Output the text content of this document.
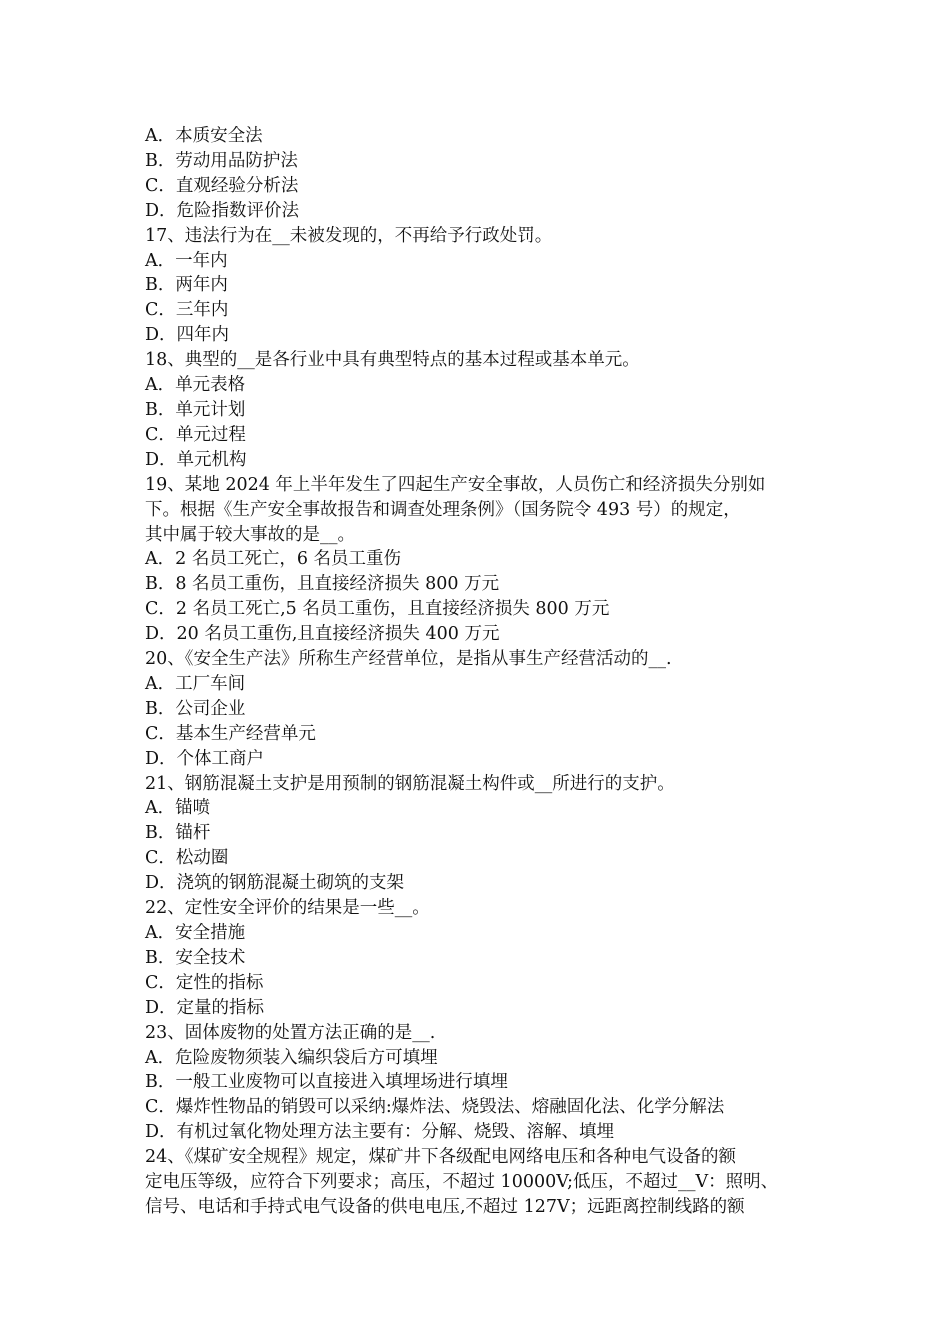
A．本质安全法

B．劳动用品防护法

C．直观经验分析法

D．危险指数评价法

17、违法行为在__未被发现的，不再给予行政处罚。

A．一年内

B．两年内

C．三年内

D．四年内

18、典型的__是各行业中具有典型特点的基本过程或基本单元。

A．单元表格

B．单元计划

C．单元过程

D．单元机构

19、某地 2024 年上半年发生了四起生产安全事故，人员伤亡和经济损失分别如

下。根据《生产安全事故报告和调查处理条例》（国务院令 493 号）的规定，

其中属于较大事故的是__。

A．2 名员工死亡，6 名员工重伤

B．8 名员工重伤，且直接经济损失 800 万元

C．2 名员工死亡,5 名员工重伤，且直接经济损失 800 万元

D．20 名员工重伤,且直接经济损失 400 万元

20、《安全生产法》所称生产经营单位，是指从事生产经营活动的__.

A．工厂车间

B．公司企业

C．基本生产经营单元

D．个体工商户

21、钢筋混凝土支护是用预制的钢筋混凝土构件或__所进行的支护。

A．锚喷

B．锚杆

C．松动圈

D．浇筑的钢筋混凝土砌筑的支架

22、定性安全评价的结果是一些__。

A．安全措施

B．安全技术

C．定性的指标

D．定量的指标

23、固体废物的处置方法正确的是__.

A．危险废物须装入编织袋后方可填埋

B．一般工业废物可以直接进入填埋场进行填埋

C．爆炸性物品的销毁可以采纳:爆炸法、烧毁法、熔融固化法、化学分解法

D．有机过氧化物处理方法主要有：分解、烧毁、溶解、填埋

24、《煤矿安全规程》规定，煤矿井下各级配电网络电压和各种电气设备的额

定电压等级，应符合下列要求；高压，不超过 10000V;低压，不超过__V：照明、

信号、电话和手持式电气设备的供电电压,不超过 127V；远距离控制线路的额
